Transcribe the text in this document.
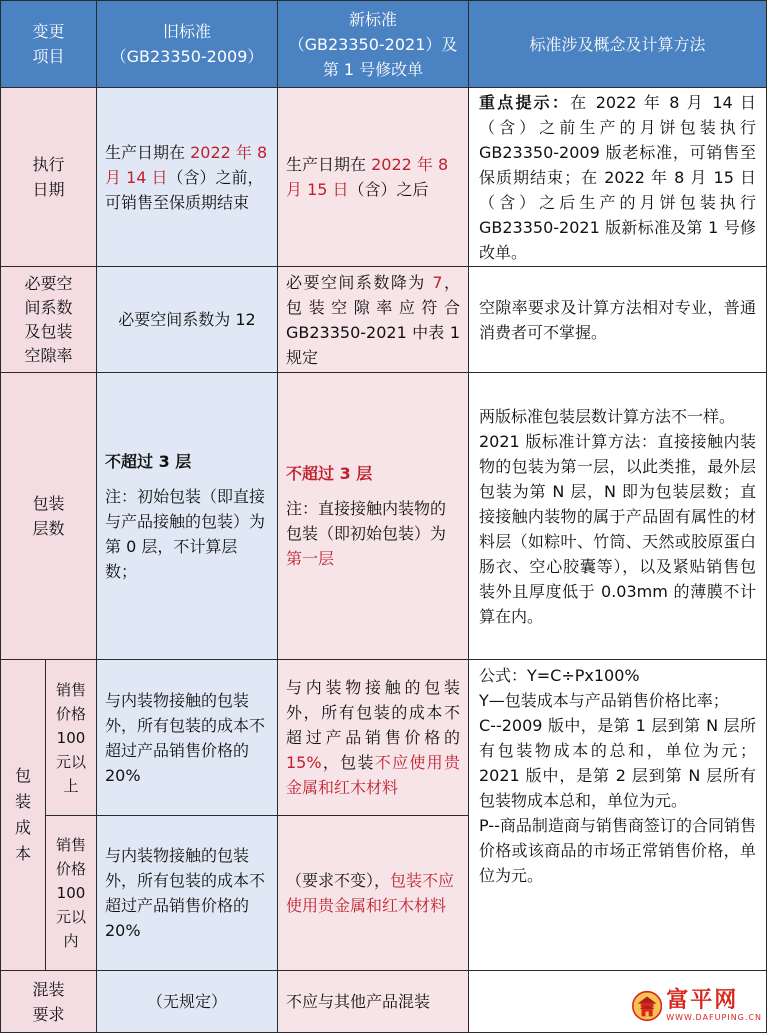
变更
项目
旧标准
（GB23350-2009）
新标准
（GB23350-2021）及
第 1 号修改单
标准涉及概念及计算方法
执行
日期
生产日期在 2022 年 8 月 14 日（含）之前，可销售至保质期结束
生产日期在 2022 年 8 月 15 日（含）之后
重点提示：在 2022 年 8 月 14 日（含）之前生产的月饼包装执行 GB23350-2009 版老标准，可销售至保质期结束；在 2022 年 8 月 15 日（含）之后生产的月饼包装执行 GB23350-2021 版新标准及第 1 号修改单。
必要空
间系数
及包装
空隙率
必要空间系数为 12
必要空间系数降为 7，包装空隙率应符合 GB23350-2021 中表 1 规定
空隙率要求及计算方法相对专业，普通消费者可不掌握。
包装
层数
不超过 3 层
注：初始包装（即直接与产品接触的包装）为第 0 层，不计算层数；
不超过 3 层
注：直接接触内装物的包装（即初始包装）为第一层
两版标准包装层数计算方法不一样。
2021 版标准计算方法：直接接触内装物的包装为第一层，以此类推，最外层包装为第 N 层，N 即为包装层数；直接接触内装物的属于产品固有属性的材料层（如粽叶、竹筒、天然或胶原蛋白肠衣、空心胶囊等），以及紧贴销售包装外且厚度低于 0.03mm 的薄膜不计算在内。
包
装
成
本
销售
价格
100
元以
上
销售
价格
100
元以
内
与内装物接触的包装外，所有包装的成本不超过产品销售价格的 20%
与内装物接触的包装外，所有包装的成本不超过产品销售价格的 20%
与内装物接触的包装外，所有包装的成本不超过产品销售价格的 15%，包装不应使用贵金属和红木材料
（要求不变），包装不应使用贵金属和红木材料
公式：Y=C÷Px100%
Y—包装成本与产品销售价格比率；
C--2009 版中，是第 1 层到第 N 层所有包装物成本的总和，单位为元；2021 版中，是第 2 层到第 N 层所有包装物成本总和，单位为元。
P--商品制造商与销售商签订的合同销售价格或该商品的市场正常销售价格，单位为元。
混装
要求
（无规定）	不应与其他产品混装	富平网
WWW.DAFUPING.CN
